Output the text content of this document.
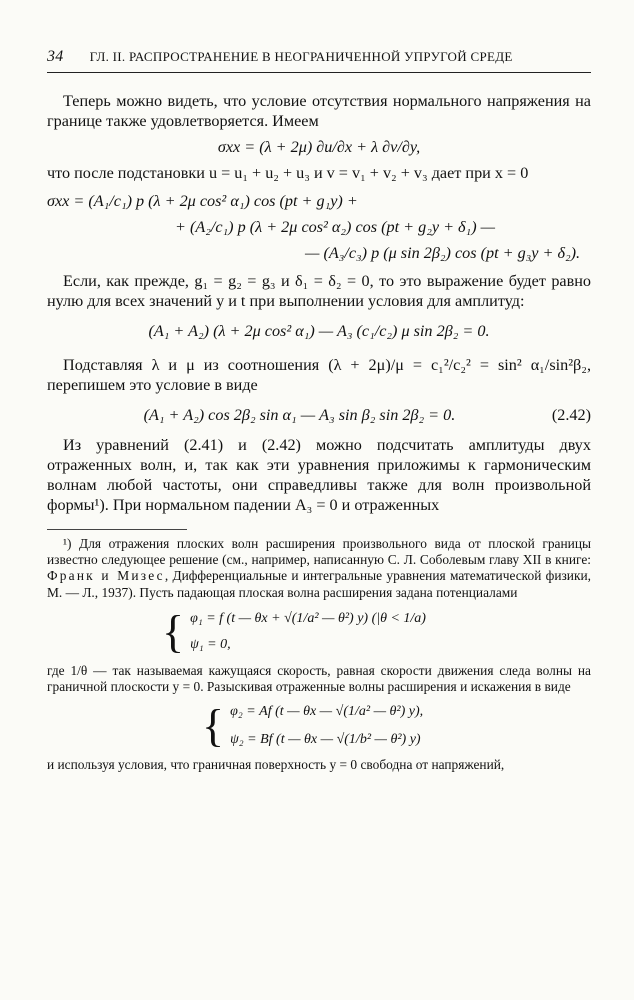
34 ГЛ. II. РАСПРОСТРАНЕНИЕ В НЕОГРАНИЧЕННОЙ УПРУГОЙ СРЕДЕ

Теперь можно видеть, что условие отсутствия нормального напряжения на границе также удовлетворяется. Имеем

σxx = (λ + 2μ) ∂u/∂x + λ ∂v/∂y,

что после подстановки u = u₁ + u₂ + u₃ и v = v₁ + v₂ + v₃ дает при x = 0

σxx = (A₁/c₁) p (λ + 2μ cos² α₁) cos (pt + g₁y) +
+ (A₂/c₁) p (λ + 2μ cos² α₂) cos (pt + g₂y + δ₁) —
— (A₃/c₃) p (μ sin 2β₂) cos (pt + g₃y + δ₂).

Если, как прежде, g₁ = g₂ = g₃ и δ₁ = δ₂ = 0, то это выражение будет равно нулю для всех значений y и t при выполнении условия для амплитуд:

(A₁ + A₂) (λ + 2μ cos² α₁) — A₃ (c₁/c₂) μ sin 2β₂ = 0.

Подставляя λ и μ из соотношения (λ + 2μ)/μ = c₁²/c₂² = sin² α₁/sin²β₂, перепишем это условие в виде

(A₁ + A₂) cos 2β₂ sin α₁ — A₃ sin β₂ sin 2β₂ = 0.	(2.42)

Из уравнений (2.41) и (2.42) можно подсчитать амплитуды двух отраженных волн, и, так как эти уравнения приложимы к гармоническим волнам любой частоты, они справедливы также для волн произвольной формы¹). При нормальном падении A₃ = 0 и отраженных

¹) Для отражения плоских волн расширения произвольного вида от плоской границы известно следующее решение (см., например, написанную С. Л. Соболевым главу XII в книге: Франк и Мизес, Дифференциальные и интегральные уравнения математической физики, М. — Л., 1937). Пусть падающая плоская волна расширения задана потенциалами

{ φ₁ = f (t — θx + √(1/a² — θ²) y) (|θ < 1/a)
ψ₁ = 0,

где 1/θ — так называемая кажущаяся скорость, равная скорости движения следа волны на граничной плоскости y = 0. Разыскивая отраженные волны расширения и искажения в виде

{ φ₂ = Af (t — θx — √(1/a² — θ²) y),
ψ₂ = Bf (t — θx — √(1/b² — θ²) y)

и используя условия, что граничная поверхность y = 0 свободна от напряжений,
